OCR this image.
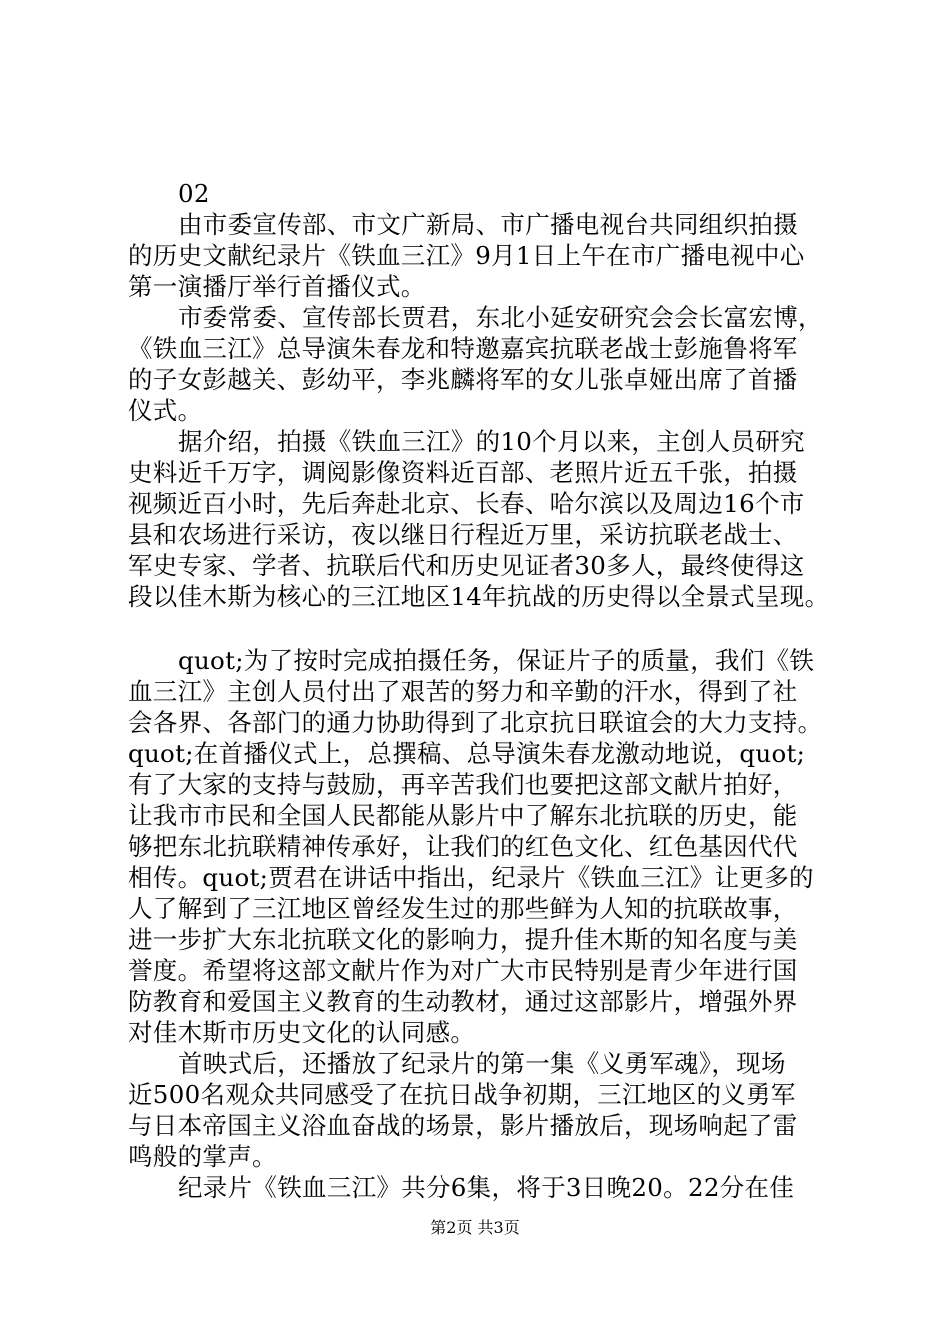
02
由市委宣传部、市文广新局、市广播电视台共同组织拍摄
的历史文献纪录片《铁血三江》9月1日上午在市广播电视中心
第一演播厅举行首播仪式。
市委常委、宣传部长贾君，东北小延安研究会会长富宏博，
《铁血三江》总导演朱春龙和特邀嘉宾抗联老战士彭施鲁将军
的子女彭越关、彭幼平，李兆麟将军的女儿张卓娅出席了首播
仪式。
据介绍，拍摄《铁血三江》的10个月以来，主创人员研究
史料近千万字，调阅影像资料近百部、老照片近五千张，拍摄
视频近百小时，先后奔赴北京、长春、哈尔滨以及周边16个市
县和农场进行采访，夜以继日行程近万里，采访抗联老战士、
军史专家、学者、抗联后代和历史见证者30多人，最终使得这
段以佳木斯为核心的三江地区14年抗战的历史得以全景式呈现。
quot;为了按时完成拍摄任务，保证片子的质量，我们《铁
血三江》主创人员付出了艰苦的努力和辛勤的汗水，得到了社
会各界、各部门的通力协助得到了北京抗日联谊会的大力支持。
quot;在首播仪式上，总撰稿、总导演朱春龙激动地说，quot;
有了大家的支持与鼓励，再辛苦我们也要把这部文献片拍好，
让我市市民和全国人民都能从影片中了解东北抗联的历史，能
够把东北抗联精神传承好，让我们的红色文化、红色基因代代
相传。quot;贾君在讲话中指出，纪录片《铁血三江》让更多的
人了解到了三江地区曾经发生过的那些鲜为人知的抗联故事，
进一步扩大东北抗联文化的影响力，提升佳木斯的知名度与美
誉度。希望将这部文献片作为对广大市民特别是青少年进行国
防教育和爱国主义教育的生动教材，通过这部影片，增强外界
对佳木斯市历史文化的认同感。
首映式后，还播放了纪录片的第一集《义勇军魂》，现场
近500名观众共同感受了在抗日战争初期，三江地区的义勇军
与日本帝国主义浴血奋战的场景，影片播放后，现场响起了雷
鸣般的掌声。
纪录片《铁血三江》共分6集，将于3日晚20。22分在佳
第2页 共3页
